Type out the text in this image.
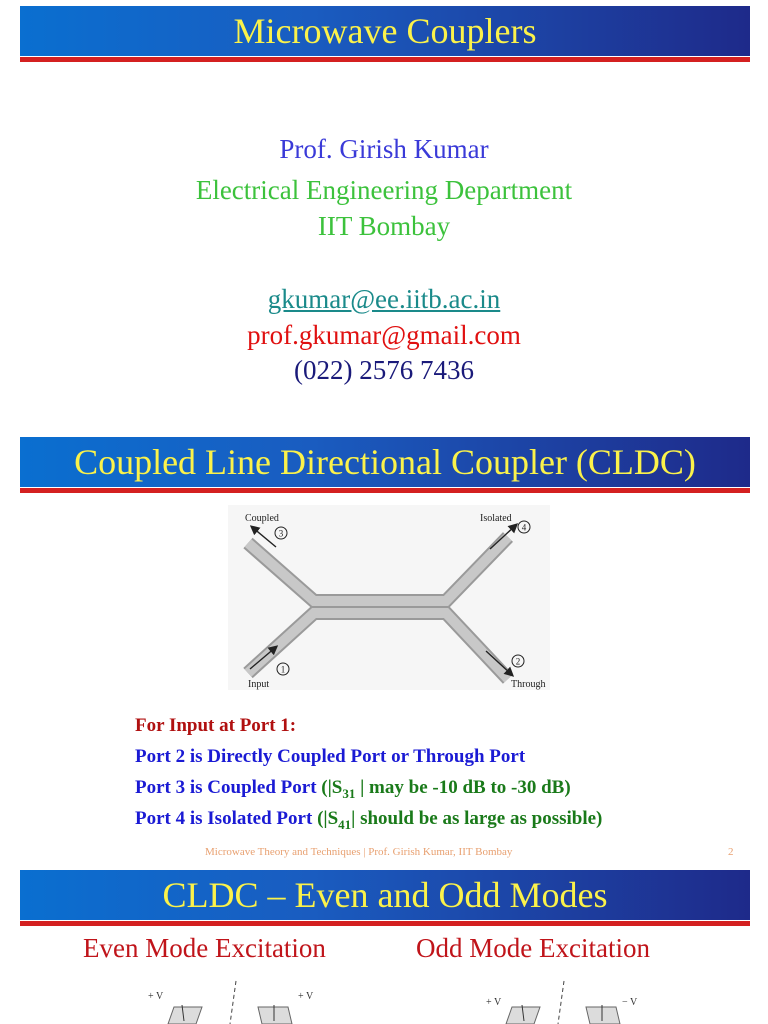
Microwave Couplers
Prof. Girish Kumar
Electrical Engineering Department
IIT Bombay
gkumar@ee.iitb.ac.in
prof.gkumar@gmail.com
(022) 2576 7436
Coupled Line Directional Coupler (CLDC)
Coupled	Isolated
Input	Through
3
4
1
2
For Input at Port 1:
Port 2 is Directly Coupled Port or Through Port
Port 3 is Coupled Port ($|S_{31}$ | may be -10 dB to -30 dB)
Port 4 is Isolated Port ($|S_{41}|$ should be as large as possible)
Microwave Theory and Techniques | Prof. Girish Kumar, IIT Bombay	2
CLDC – Even and Odd Modes
Even Mode Excitation	Odd Mode Excitation
+ V	+ V
+ V	− V
